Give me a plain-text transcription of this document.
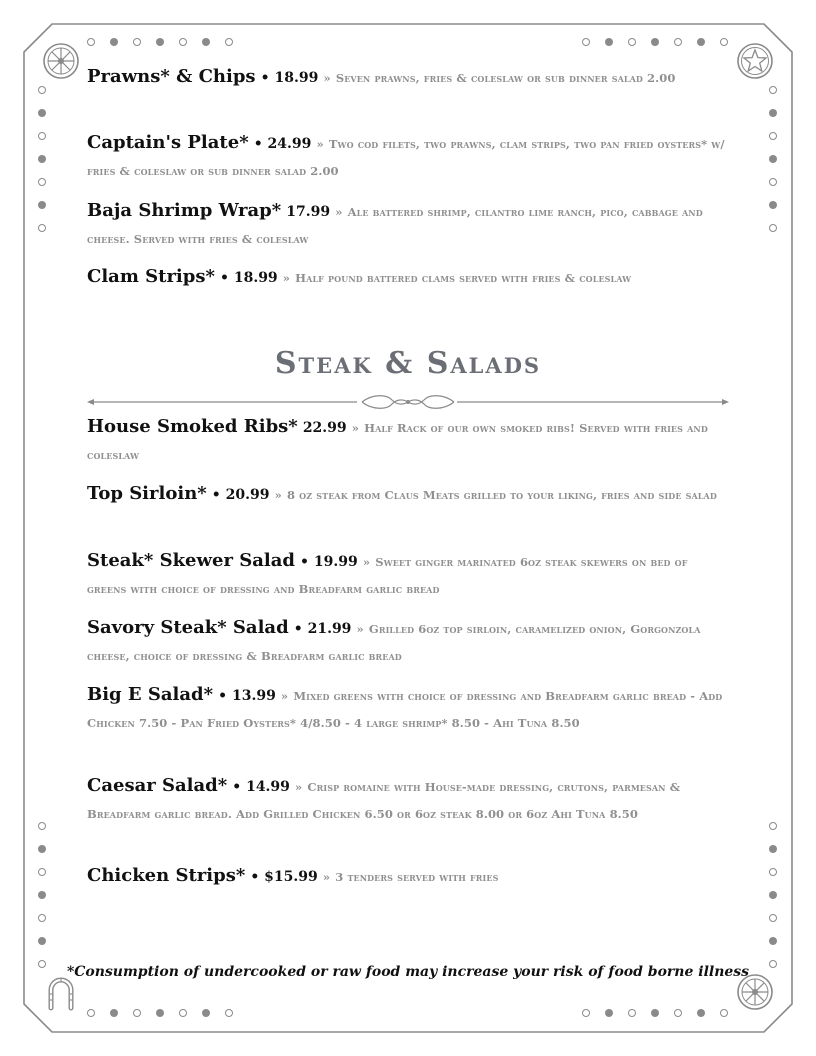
Prawns* & Chips • 18.99 » Seven prawns, fries & coleslaw or sub dinner salad 2.00
Captain's Plate* • 24.99 » Two cod filets, two prawns, clam strips, two pan fried oysters* w/ fries & coleslaw or sub dinner salad 2.00
Baja Shrimp Wrap* 17.99 » Ale battered shrimp, cilantro lime ranch, pico, cabbage and cheese. Served with fries & coleslaw
Clam Strips* • 18.99 » Half pound battered clams served with fries & coleslaw
Steak & Salads
House Smoked Ribs* 22.99 » Half Rack of our own smoked ribs! Served with fries and coleslaw
Top Sirloin* • 20.99 » 8 oz steak from Claus Meats grilled to your liking, fries and side salad
Steak* Skewer Salad • 19.99 » Sweet ginger marinated 6oz steak skewers on bed of greens with choice of dressing and Breadfarm garlic bread
Savory Steak* Salad • 21.99 » Grilled 6oz top sirloin, caramelized onion, Gorgonzola cheese, choice of dressing & Breadfarm garlic bread
Big E Salad* • 13.99 » Mixed greens with choice of dressing and Breadfarm garlic bread - Add Chicken 7.50 - Pan Fried Oysters* 4/8.50 - 4 large shrimp* 8.50 - Ahi Tuna 8.50
Caesar Salad* • 14.99 » Crisp romaine with House-made dressing, crutons, parmesan & Breadfarm garlic bread. Add Grilled Chicken 6.50 or 6oz steak 8.00 or 6oz Ahi Tuna 8.50
Chicken Strips* • $15.99 » 3 tenders served with fries
*Consumption of undercooked or raw food may increase your risk of food borne illness
